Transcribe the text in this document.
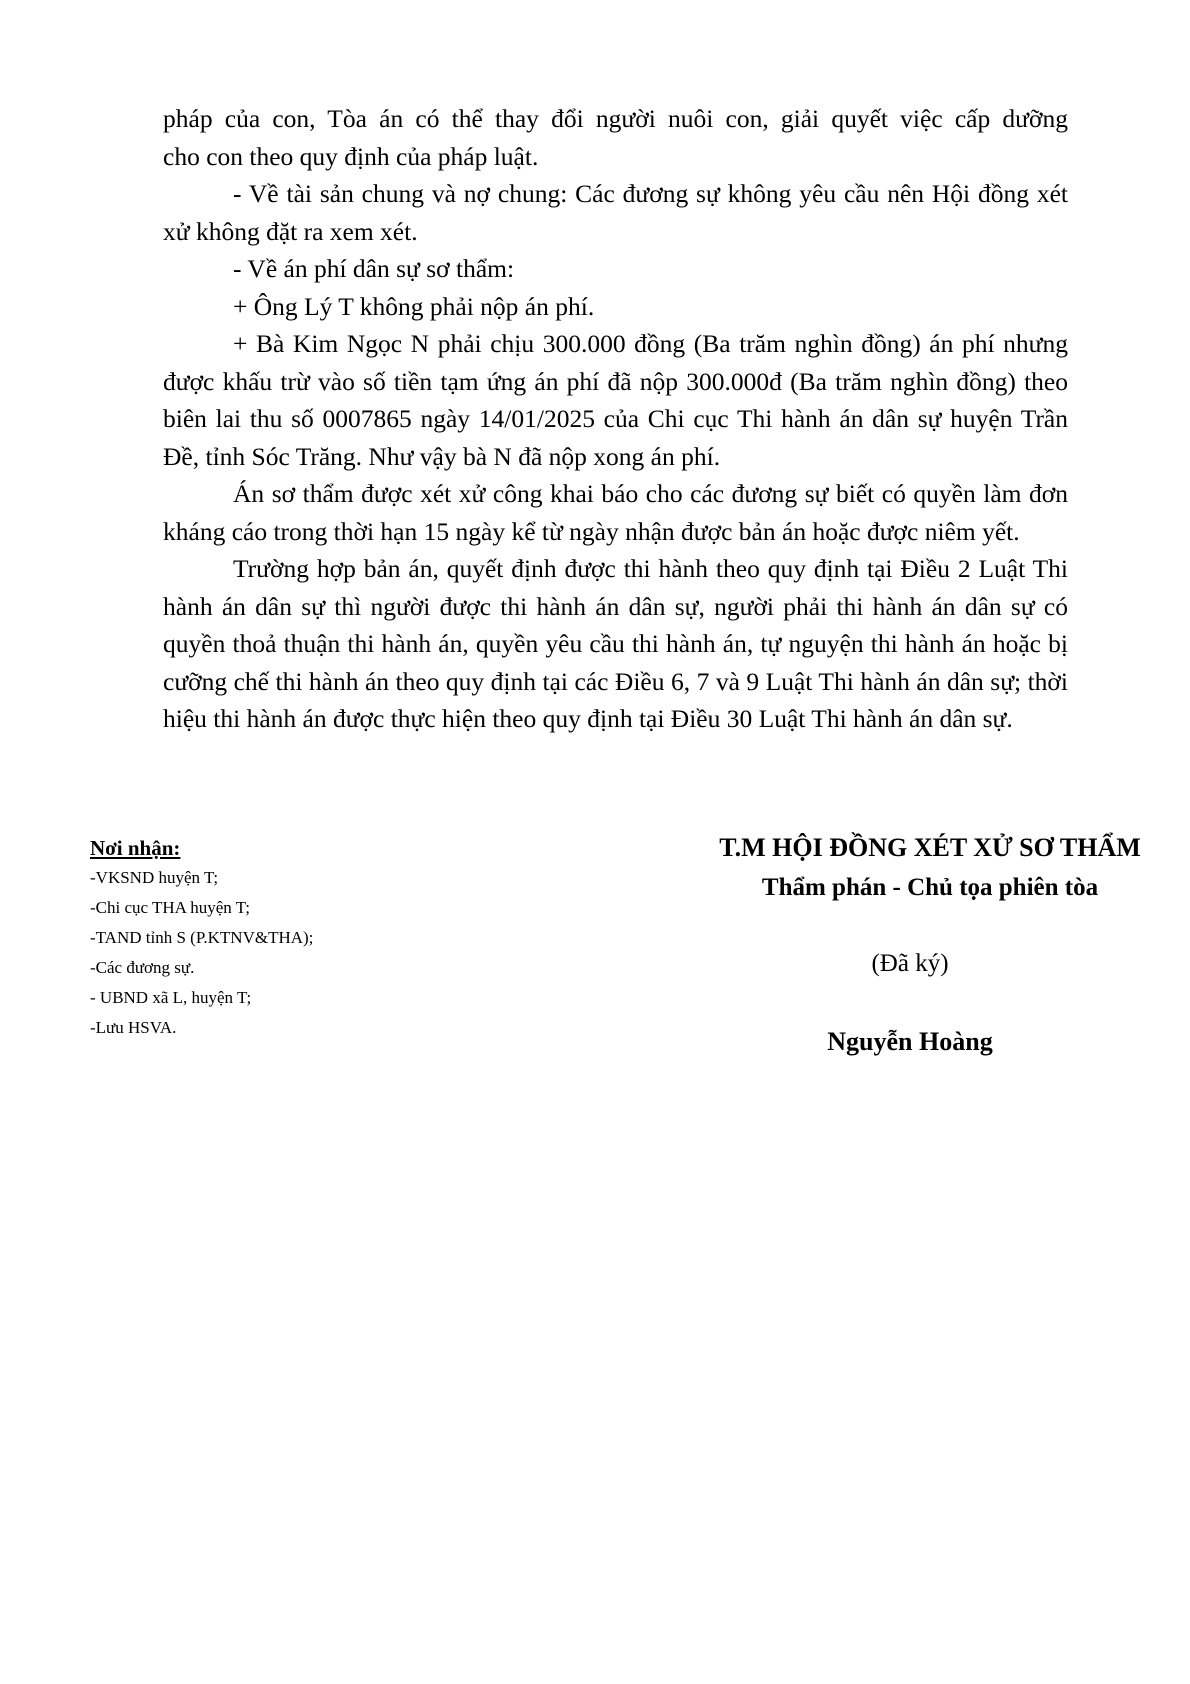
pháp của con, Tòa án có thể thay đổi người nuôi con, giải quyết việc cấp dưỡng

cho con theo quy định của pháp luật.

- Về tài sản chung và nợ chung: Các đương sự không yêu cầu nên Hội đồng xét xử không đặt ra xem xét.

- Về án phí dân sự sơ thẩm:

+ Ông Lý T không phải nộp án phí.

+ Bà Kim Ngọc N phải chịu 300.000 đồng (Ba trăm nghìn đồng) án phí nhưng được khấu trừ vào số tiền tạm ứng án phí đã nộp 300.000đ (Ba trăm nghìn đồng) theo biên lai thu số 0007865 ngày 14/01/2025 của Chi cục Thi hành án dân sự huyện Trần Đề, tỉnh Sóc Trăng. Như vậy bà N đã nộp xong án phí.

Án sơ thẩm được xét xử công khai báo cho các đương sự biết có quyền làm đơn kháng cáo trong thời hạn 15 ngày kể từ ngày nhận được bản án hoặc được niêm yết.

Trường hợp bản án, quyết định được thi hành theo quy định tại Điều 2 Luật Thi hành án dân sự thì người được thi hành án dân sự, người phải thi hành án dân sự có quyền thoả thuận thi hành án, quyền yêu cầu thi hành án, tự nguyện thi hành án hoặc bị cưỡng chế thi hành án theo quy định tại các Điều 6, 7 và 9 Luật Thi hành án dân sự; thời hiệu thi hành án được thực hiện theo quy định tại Điều 30 Luật Thi hành án dân sự.

Nơi nhận:

-VKSND huyện T;

-Chi cục THA huyện T;

-TAND tỉnh S (P.KTNV&THA);

-Các đương sự.

- UBND xã L, huyện T;

-Lưu HSVA.

T.M HỘI ĐỒNG XÉT XỬ SƠ THẨM

Thẩm phán - Chủ tọa phiên tòa

(Đã ký)
Nguyễn Hoàng
